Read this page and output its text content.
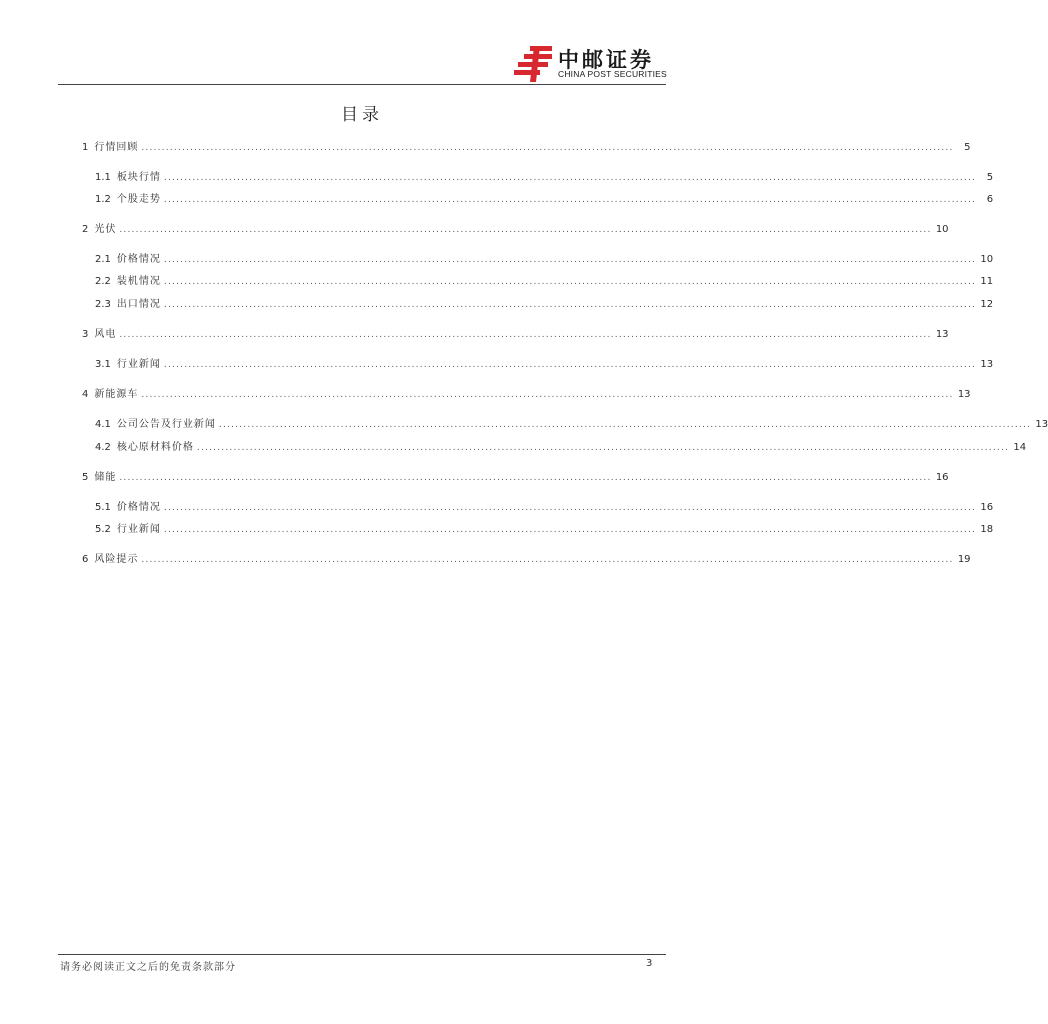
中邮证券
CHINA POST SECURITIES
目录
1 行情回顾 ........................................................................................................................................................................................................	5
1.1 板块行情 ........................................................................................................................................................................................................	5
1.2 个股走势 ........................................................................................................................................................................................................	6
2 光伏 ........................................................................................................................................................................................................ 10
2.1 价格情况 ........................................................................................................................................................................................................ 10
2.2 装机情况 ........................................................................................................................................................................................................ 11
2.3 出口情况 ........................................................................................................................................................................................................ 12
3 风电 ........................................................................................................................................................................................................ 13
3.1 行业新闻 ........................................................................................................................................................................................................ 13
4 新能源车 ........................................................................................................................................................................................................ 13
4.1 公司公告及行业新闻 ........................................................................................................................................................................................................ 13
4.2 核心原材料价格 ........................................................................................................................................................................................................ 14
5 储能 ........................................................................................................................................................................................................ 16
5.1 价格情况 ........................................................................................................................................................................................................ 16
5.2 行业新闻 ........................................................................................................................................................................................................ 18
6 风险提示 ........................................................................................................................................................................................................ 19
请务必阅读正文之后的免责条款部分	3
